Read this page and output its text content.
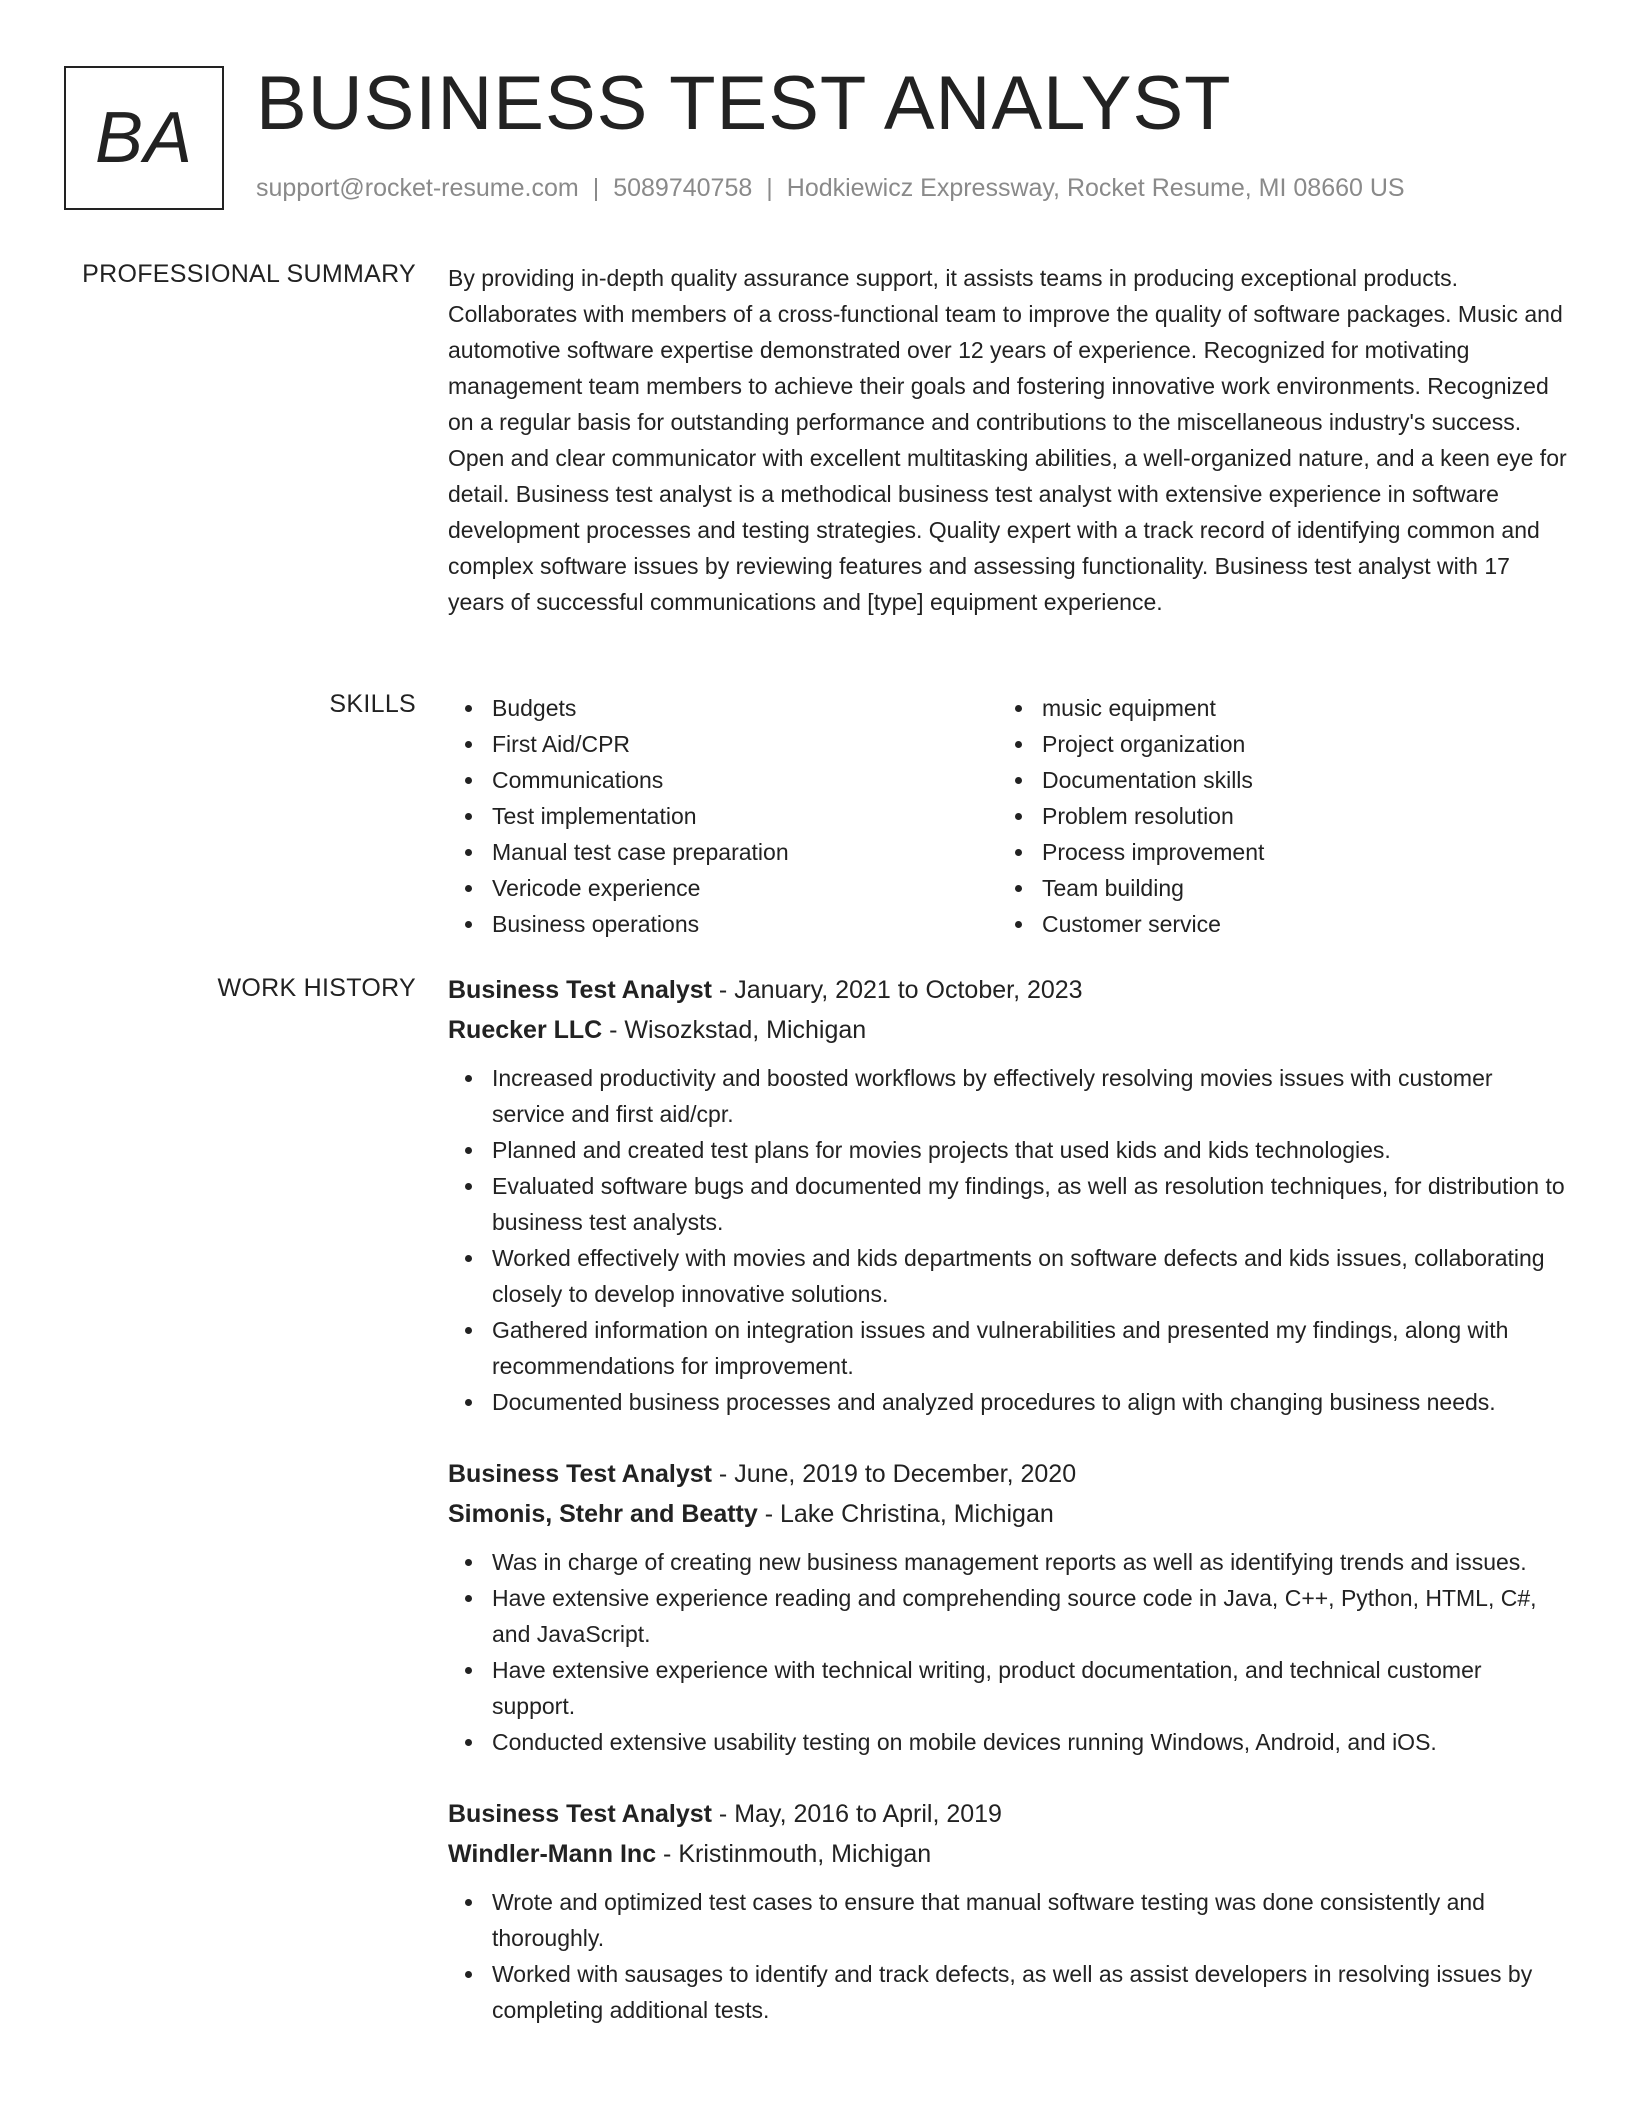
BA BUSINESS TEST ANALYST
support@rocket-resume.com | 5089740758 | Hodkiewicz Expressway, Rocket Resume, MI 08660 US
PROFESSIONAL SUMMARY By providing in-depth quality assurance support, it assists teams in producing exceptional products. Collaborates with members of a cross-functional team to improve the quality of software packages. Music and automotive software expertise demonstrated over 12 years of experience. Recognized for motivating management team members to achieve their goals and fostering innovative work environments. Recognized on a regular basis for outstanding performance and contributions to the miscellaneous industry's success. Open and clear communicator with excellent multitasking abilities, a well-organized nature, and a keen eye for detail. Business test analyst is a methodical business test analyst with extensive experience in software development processes and testing strategies. Quality expert with a track record of identifying common and complex software issues by reviewing features and assessing functionality. Business test analyst with 17 years of successful communications and [type] equipment experience.

SKILLS	Budgets
First Aid/CPR
Communications
Test implementation
Manual test case preparation
Vericode experience
Business operations
music equipment
Project organization
Documentation skills
Problem resolution
Process improvement
Team building
Customer service
WORK HISTORY Business Test Analyst - January, 2021 to October, 2023
Ruecker LLC - Wisozkstad, Michigan
Increased productivity and boosted workflows by effectively resolving movies issues with customer service and first aid/cpr.
Planned and created test plans for movies projects that used kids and kids technologies.
Evaluated software bugs and documented my findings, as well as resolution techniques, for distribution to business test analysts.
Worked effectively with movies and kids departments on software defects and kids issues, collaborating closely to develop innovative solutions.
Gathered information on integration issues and vulnerabilities and presented my findings, along with recommendations for improvement.
Documented business processes and analyzed procedures to align with changing business needs.
Business Test Analyst - June, 2019 to December, 2020
Simonis, Stehr and Beatty - Lake Christina, Michigan
Was in charge of creating new business management reports as well as identifying trends and issues.
Have extensive experience reading and comprehending source code in Java, C++, Python, HTML, C#, and JavaScript.
Have extensive experience with technical writing, product documentation, and technical customer support.
Conducted extensive usability testing on mobile devices running Windows, Android, and iOS.
Business Test Analyst - May, 2016 to April, 2019
Windler-Mann Inc - Kristinmouth, Michigan
Wrote and optimized test cases to ensure that manual software testing was done consistently and thoroughly.
Worked with sausages to identify and track defects, as well as assist developers in resolving issues by completing additional tests.
